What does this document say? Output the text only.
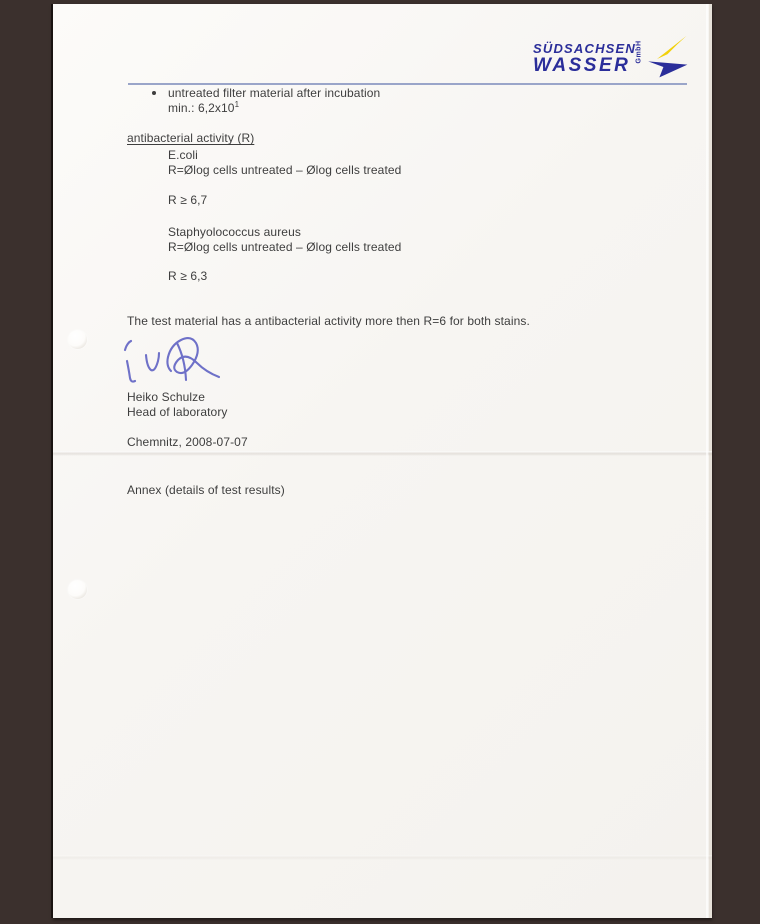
SÜDSACHSEN
WASSER
GmbH
untreated filter material after incubation
min.: $6,2x10^1$
antibacterial activity (R)
E.coli
R=Ølog cells untreated – Ølog cells treated
R ≥ 6,7
Staphyolococcus aureus
R=Ølog cells untreated – Ølog cells treated
R ≥ 6,3
The test material has a antibacterial activity more then R=6 for both stains.
Heiko Schulze
Head of laboratory
Chemnitz, 2008-07-07
Annex (details of test results)
